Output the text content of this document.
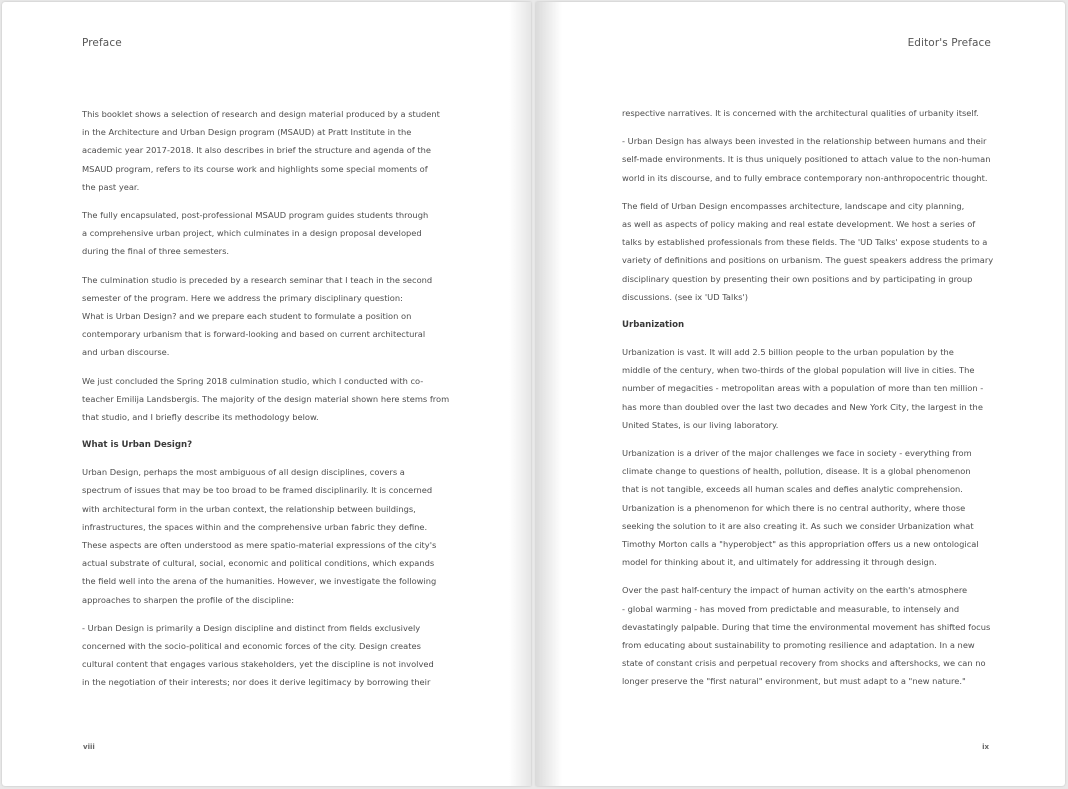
Preface

This booklet shows a selection of research and design material produced by a student
in the Architecture and Urban Design program (MSAUD) at Pratt Institute in the
academic year 2017-2018. It also describes in brief the structure and agenda of the
MSAUD program, refers to its course work and highlights some special moments of
the past year.

The fully encapsulated, post-professional MSAUD program guides students through
a comprehensive urban project, which culminates in a design proposal developed
during the final of three semesters.

The culmination studio is preceded by a research seminar that I teach in the second
semester of the program. Here we address the primary disciplinary question:
What is Urban Design? and we prepare each student to formulate a position on
contemporary urbanism that is forward-looking and based on current architectural
and urban discourse.

We just concluded the Spring 2018 culmination studio, which I conducted with co-
teacher Emilija Landsbergis. The majority of the design material shown here stems from
that studio, and I briefly describe its methodology below.

What is Urban Design?

Urban Design, perhaps the most ambiguous of all design disciplines, covers a
spectrum of issues that may be too broad to be framed disciplinarily. It is concerned
with architectural form in the urban context, the relationship between buildings,
infrastructures, the spaces within and the comprehensive urban fabric they define.
These aspects are often understood as mere spatio-material expressions of the city's
actual substrate of cultural, social, economic and political conditions, which expands
the field well into the arena of the humanities. However, we investigate the following
approaches to sharpen the profile of the discipline:

- Urban Design is primarily a Design discipline and distinct from fields exclusively
concerned with the socio-political and economic forces of the city. Design creates
cultural content that engages various stakeholders, yet the discipline is not involved
in the negotiation of their interests; nor does it derive legitimacy by borrowing their

viii
Editor's Preface

respective narratives. It is concerned with the architectural qualities of urbanity itself.

- Urban Design has always been invested in the relationship between humans and their
self-made environments. It is thus uniquely positioned to attach value to the non-human
world in its discourse, and to fully embrace contemporary non-anthropocentric thought.

The field of Urban Design encompasses architecture, landscape and city planning,
as well as aspects of policy making and real estate development. We host a series of
talks by established professionals from these fields. The 'UD Talks' expose students to a
variety of definitions and positions on urbanism. The guest speakers address the primary
disciplinary question by presenting their own positions and by participating in group
discussions. (see ix 'UD Talks')

Urbanization

Urbanization is vast. It will add 2.5 billion people to the urban population by the
middle of the century, when two-thirds of the global population will live in cities. The
number of megacities - metropolitan areas with a population of more than ten million -
has more than doubled over the last two decades and New York City, the largest in the
United States, is our living laboratory.

Urbanization is a driver of the major challenges we face in society - everything from
climate change to questions of health, pollution, disease. It is a global phenomenon
that is not tangible, exceeds all human scales and defies analytic comprehension.
Urbanization is a phenomenon for which there is no central authority, where those
seeking the solution to it are also creating it. As such we consider Urbanization what
Timothy Morton calls a "hyperobject" as this appropriation offers us a new ontological
model for thinking about it, and ultimately for addressing it through design.

Over the past half-century the impact of human activity on the earth's atmosphere
- global warming - has moved from predictable and measurable, to intensely and
devastatingly palpable. During that time the environmental movement has shifted focus
from educating about sustainability to promoting resilience and adaptation. In a new
state of constant crisis and perpetual recovery from shocks and aftershocks, we can no
longer preserve the "first natural" environment, but must adapt to a "new nature."

ix
